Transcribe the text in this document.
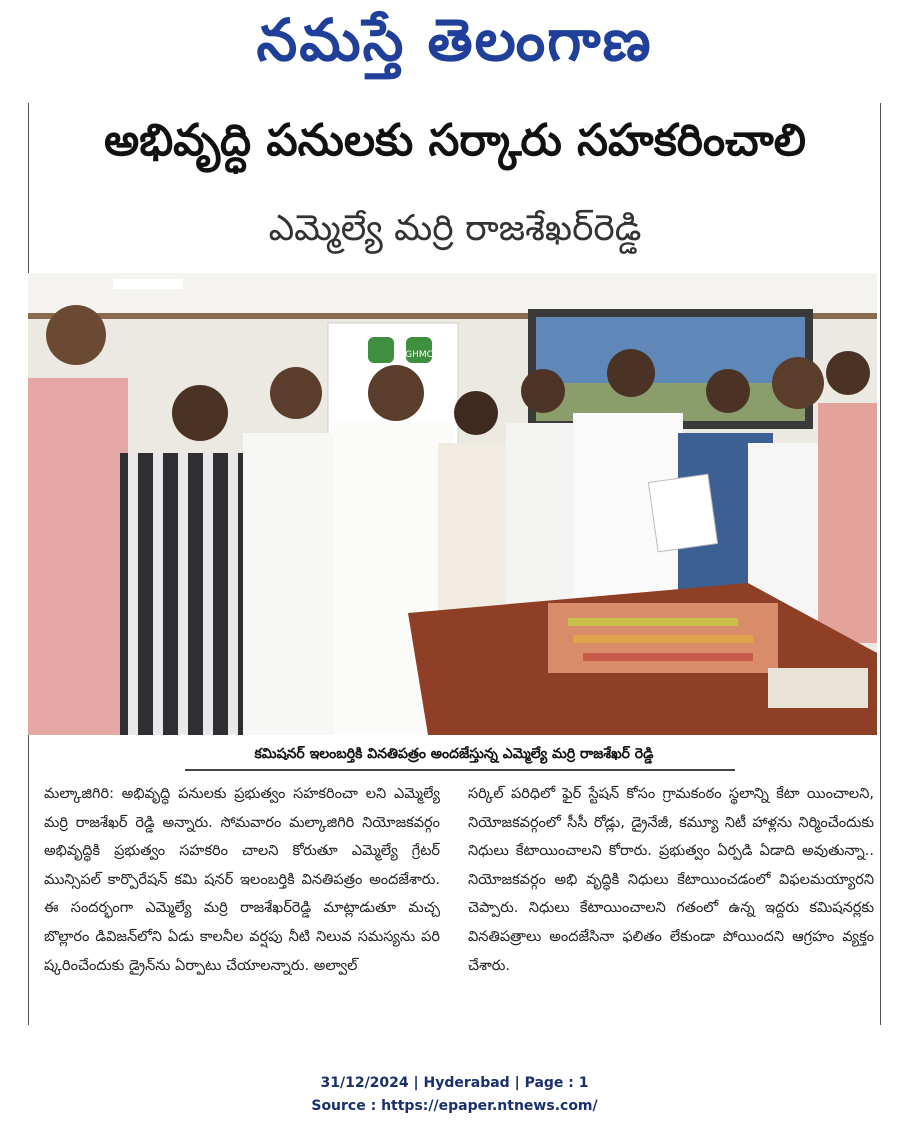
నమస్తే తెలంగాణ
అభివృద్ధి పనులకు సర్కారు సహకరించాలి
ఎమ్మెల్యే మర్రి రాజశేఖర్‌రెడ్డి
GHMC
కమిషనర్ ఇలంబర్తికి వినతిపత్రం అందజేస్తున్న ఎమ్మెల్యే మర్రి రాజశేఖర్ రెడ్డి
మల్కాజిగిరి: అభివృద్ధి పనులకు ప్రభుత్వం సహకరించా లని ఎమ్మెల్యే మర్రి రాజశేఖర్ రెడ్డి అన్నారు. సోమవారం మల్కాజిగిరి నియోజకవర్గం అభివృద్ధికి ప్రభుత్వం సహకరిం చాలని కోరుతూ ఎమ్మెల్యే గ్రేటర్ మున్సిపల్ కార్పొరేషన్ కమి షనర్ ఇలంబర్తికి వినతిపత్రం అందజేశారు. ఈ సందర్భంగా ఎమ్మెల్యే మర్రి రాజశేఖర్‌రెడ్డి మాట్లాడుతూ మచ్చ బొల్లారం డివిజన్‌లోని ఏడు కాలనీల వర్షపు నీటి నిలువ సమస్యను పరి ష్కరించేందుకు డ్రైన్‌ను ఏర్పాటు చేయాలన్నారు. అల్వాల్
సర్కిల్ పరిధిలో ఫైర్ స్టేషన్ కోసం గ్రామకంఠం స్థలాన్ని కేటా యించాలని, నియోజకవర్గంలో సీసీ రోడ్లు, డ్రైనేజీ, కమ్యూ నిటీ హాళ్లను నిర్మించేందుకు నిధులు కేటాయించాలని కోరారు. ప్రభుత్వం ఏర్పడి ఏడాది అవుతున్నా.. నియోజకవర్గం అభి వృద్ధికి నిధులు కేటాయించడంలో విఫలమయ్యారని చెప్పారు. నిధులు కేటాయించాలని గతంలో ఉన్న ఇద్దరు కమిషనర్లకు వినతిపత్రాలు అందజేసినా ఫలితం లేకుండా పోయిందని ఆగ్రహం వ్యక్తం చేశారు.
31/12/2024 | Hyderabad | Page : 1
Source : https://epaper.ntnews.com/
